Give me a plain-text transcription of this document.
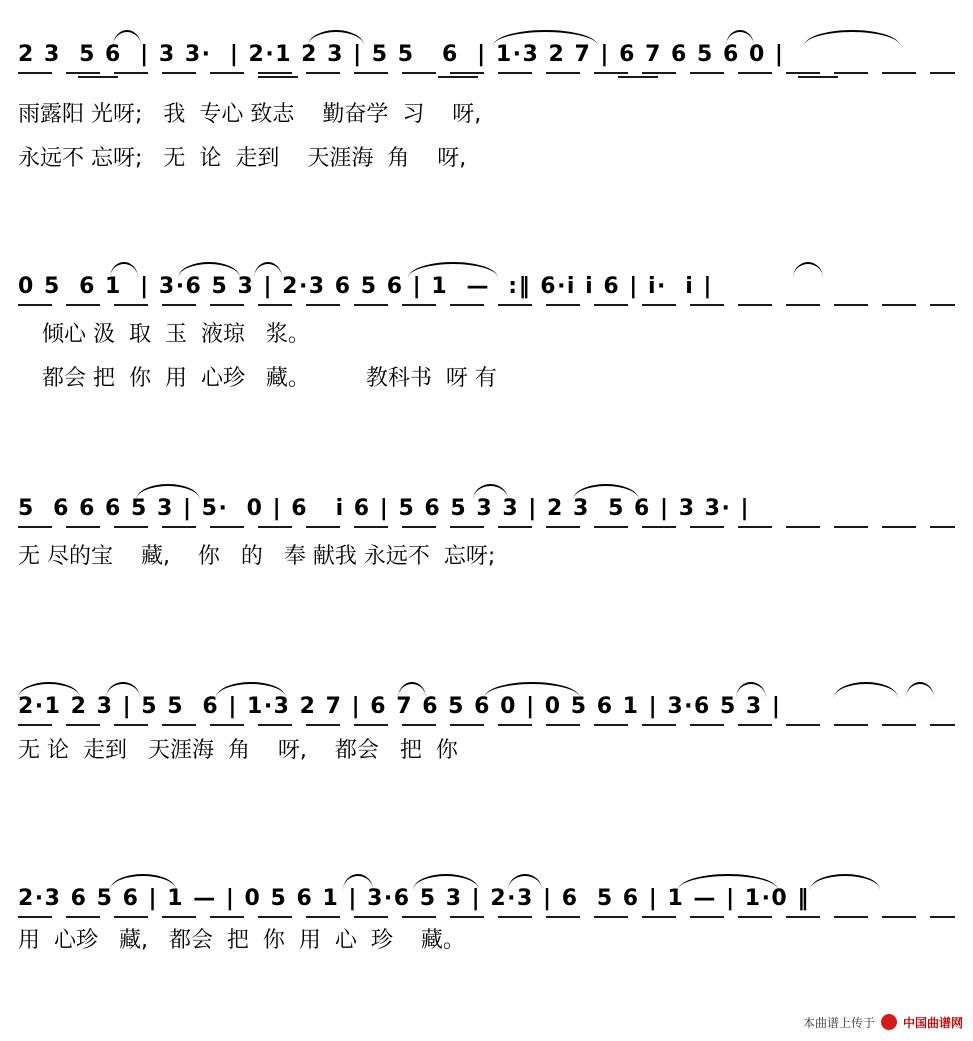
2 3  5 6  | 3 3·  | 2·1 2 3 | 5 5   6  | 1·3 2 7 | 6 7 6 5 6 0 |
雨露阳 光呀;   我  专心 致志    勤奋学  习    呀,
永远不 忘呀;   无  论  走到    天涯海  角    呀,
0 5  6 1  | 3·6 5 3 | 2·3 6 5 6 | 1  —  :‖ 6·i i 6 | i·  i |
倾心 汲  取  玉  液琼   浆。
都会 把  你  用  心珍   藏。        教科书  呀 有
5  6 6 6 5 3 | 5·  0 | 6   i 6 | 5 6 5 3 3 | 2 3  5 6 | 3 3· |
无 尽的宝    藏,    你   的   奉 献我 永远不  忘呀;
2·1 2 3 | 5 5  6 | 1·3 2 7 | 6 7 6 5 6 0 | 0 5 6 1 | 3·6 5 3 |
无 论  走到   天涯海  角    呀,    都会   把  你
2·3 6 5 6 | 1 — | 0 5 6 1 | 3·6 5 3 | 2·3 | 6  5 6 | 1 — | 1·0 ‖
用  心珍   藏,   都会  把  你  用  心  珍    藏。
本曲谱上传于 中国曲谱网
